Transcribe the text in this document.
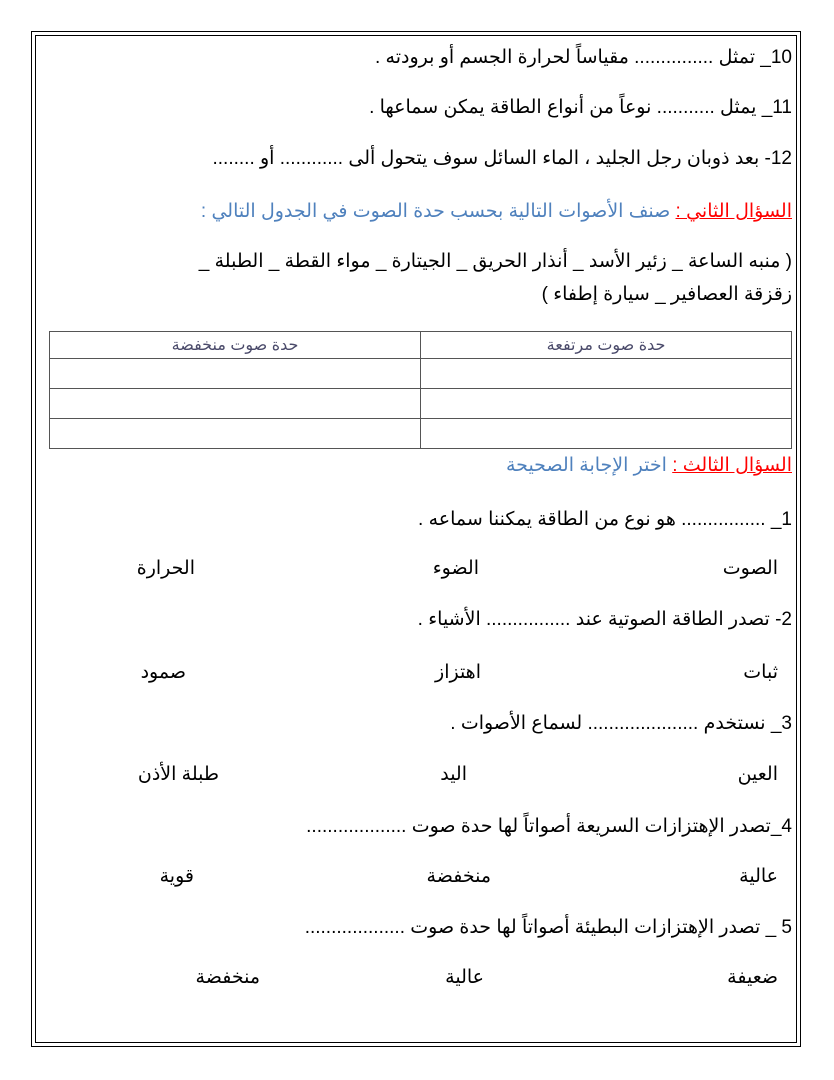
10_ تمثل ............... مقياساً لحرارة الجسم أو برودته .
11_ يمثل ........... نوعاً من أنواع الطاقة يمكن سماعها .
12- بعد ذوبان رجل الجليد ، الماء السائل سوف يتحول ألى ............ أو ........
السؤال الثاني : صنف الأصوات التالية بحسب حدة الصوت في الجدول التالي :
( منبه الساعة _ زئير الأسد _ أنذار الحريق _ الجيتارة _ مواء القطة _ الطبلة _
زقزقة العصافير _ سيارة إطفاء )
حدة صوت مرتفعة	حدة صوت منخفضة

السؤال الثالث : اختر الإجابة الصحيحة
1_ ................ هو نوع من الطاقة يمكننا سماعه .
الصوت
الضوء
الحرارة
2- تصدر الطاقة الصوتية عند ................ الأشياء .
ثبات
اهتزاز
صمود
3_ نستخدم ..................... لسماع الأصوات .
العين
اليد
طبلة الأذن
4_تصدر الإهتزازات السريعة أصواتاً لها حدة صوت ...................
عالية
منخفضة
قوية
5 _ تصدر الإهتزازات البطيئة أصواتاً لها حدة صوت ...................
ضعيفة
عالية
منخفضة
